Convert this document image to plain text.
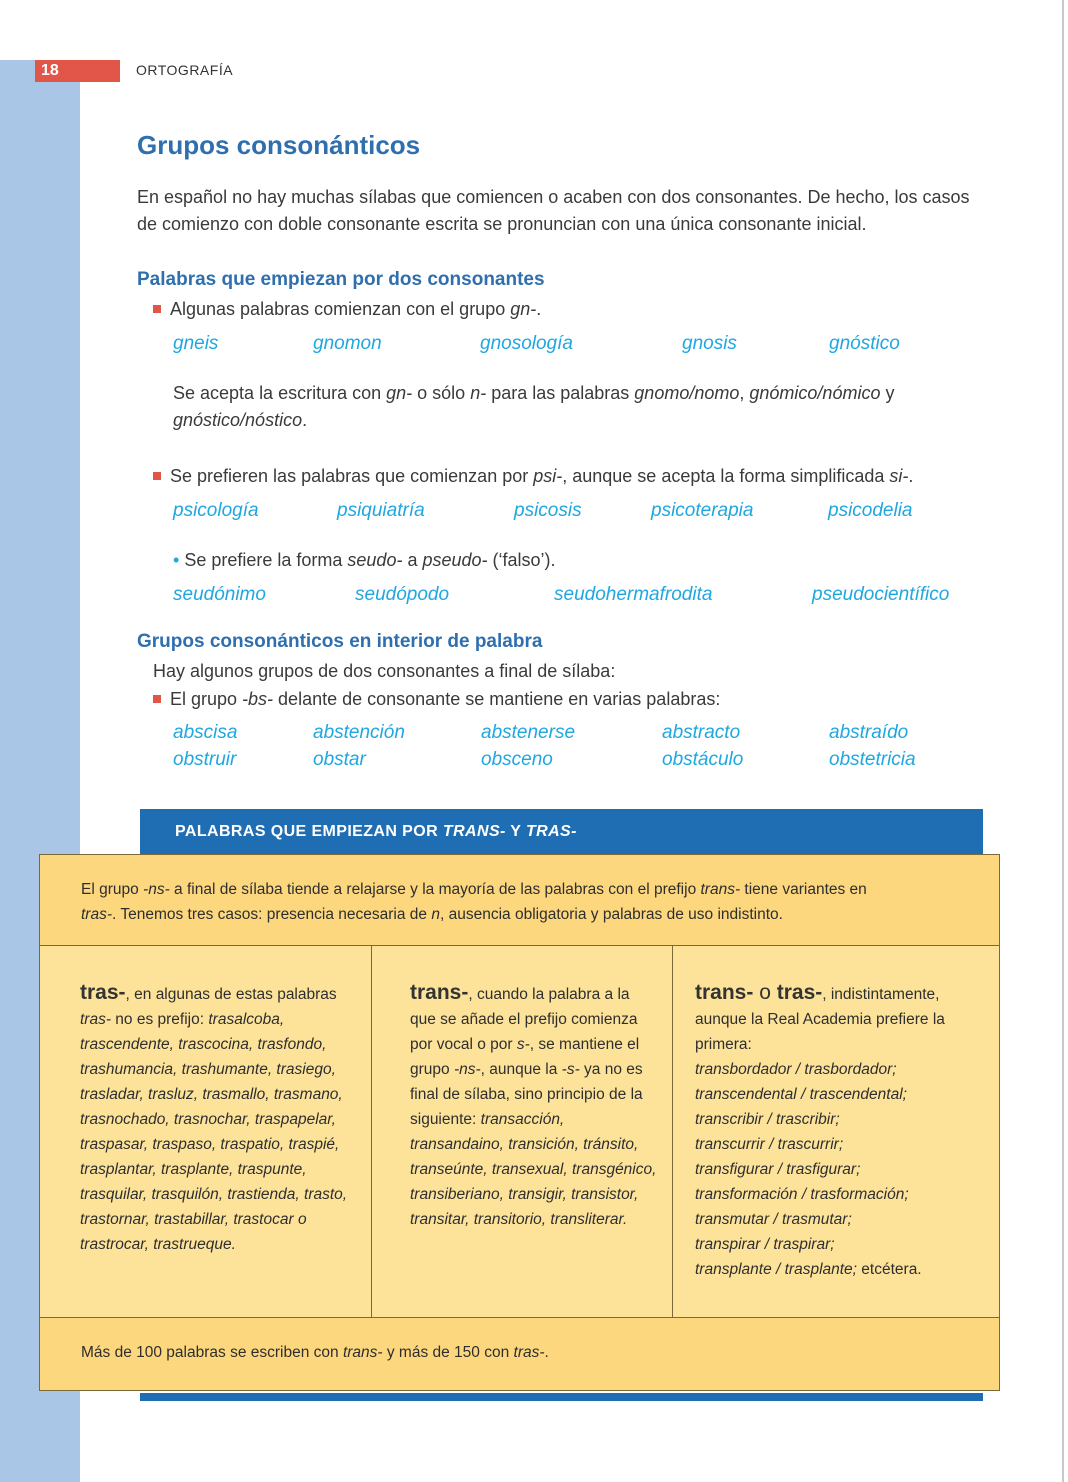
18	ORTOGRAFÍA
Grupos consonánticos
En español no hay muchas sílabas que comiencen o acaben con dos consonantes. De hecho, los casos de comienzo con doble consonante escrita se pronuncian con una única consonante inicial.
Palabras que empiezan por dos consonantes
Algunas palabras comienzan con el grupo gn-.
gneis	gnomon	gnosología	gnosis	gnóstico
Se acepta la escritura con gn- o sólo n- para las palabras gnomo/nomo, gnómico/nómico y
gnóstico/nóstico.
Se prefieren las palabras que comienzan por psi-, aunque se acepta la forma simplificada si-.
psicología	psiquiatría	psicosis	psicoterapia	psicodelia
• Se prefiere la forma seudo- a pseudo- (‘falso’).
seudónimo	seudópodo	seudohermafrodita	pseudocientífico
Grupos consonánticos en interior de palabra
Hay algunos grupos de dos consonantes a final de sílaba:
El grupo -bs- delante de consonante se mantiene en varias palabras:
abscisa	abstención	abstenerse	abstracto	abstraído
obstruir	obstar	obsceno	obstáculo	obstetricia
PALABRAS QUE EMPIEZAN POR TRANS- Y TRAS-

El grupo -ns- a final de sílaba tiende a relajarse y la mayoría de las palabras con el prefijo trans- tiene variantes en
tras-. Tenemos tres casos: presencia necesaria de n, ausencia obligatoria y palabras de uso indistinto.

tras-, en algunas de estas palabras tras- no es prefijo: trasalcoba, trascendente, trascocina, trasfondo, trashumancia, trashumante, trasiego, trasladar, trasluz, trasmallo, trasmano, trasnochado, trasnochar, traspapelar, traspasar, traspaso, traspatio, traspié, trasplantar, trasplante, traspunte, trasquilar, trasquilón, trastienda, trasto, trastornar, trastabillar, trastocar o trastrocar, trastrueque.
trans-, cuando la palabra a la que se añade el prefijo comienza por vocal o por s-, se mantiene el grupo -ns-, aunque la -s- ya no es final de sílaba, sino principio de la siguiente: transacción, transandaino, transición, tránsito, transeúnte, transexual, transgénico, transiberiano, transigir, transistor, transitar, transitorio, transliterar.
trans- o tras-, indistintamente, aunque la Real Academia prefiere la primera:
transbordador / trasbordador;
transcendental / trascendental;
transcribir / trascribir;
transcurrir / trascurrir;
transfigurar / trasfigurar;
transformación / trasformación;
transmutar / trasmutar;
transpirar / traspirar;
transplante / trasplante; etcétera.

Más de 100 palabras se escriben con trans- y más de 150 con tras-.
